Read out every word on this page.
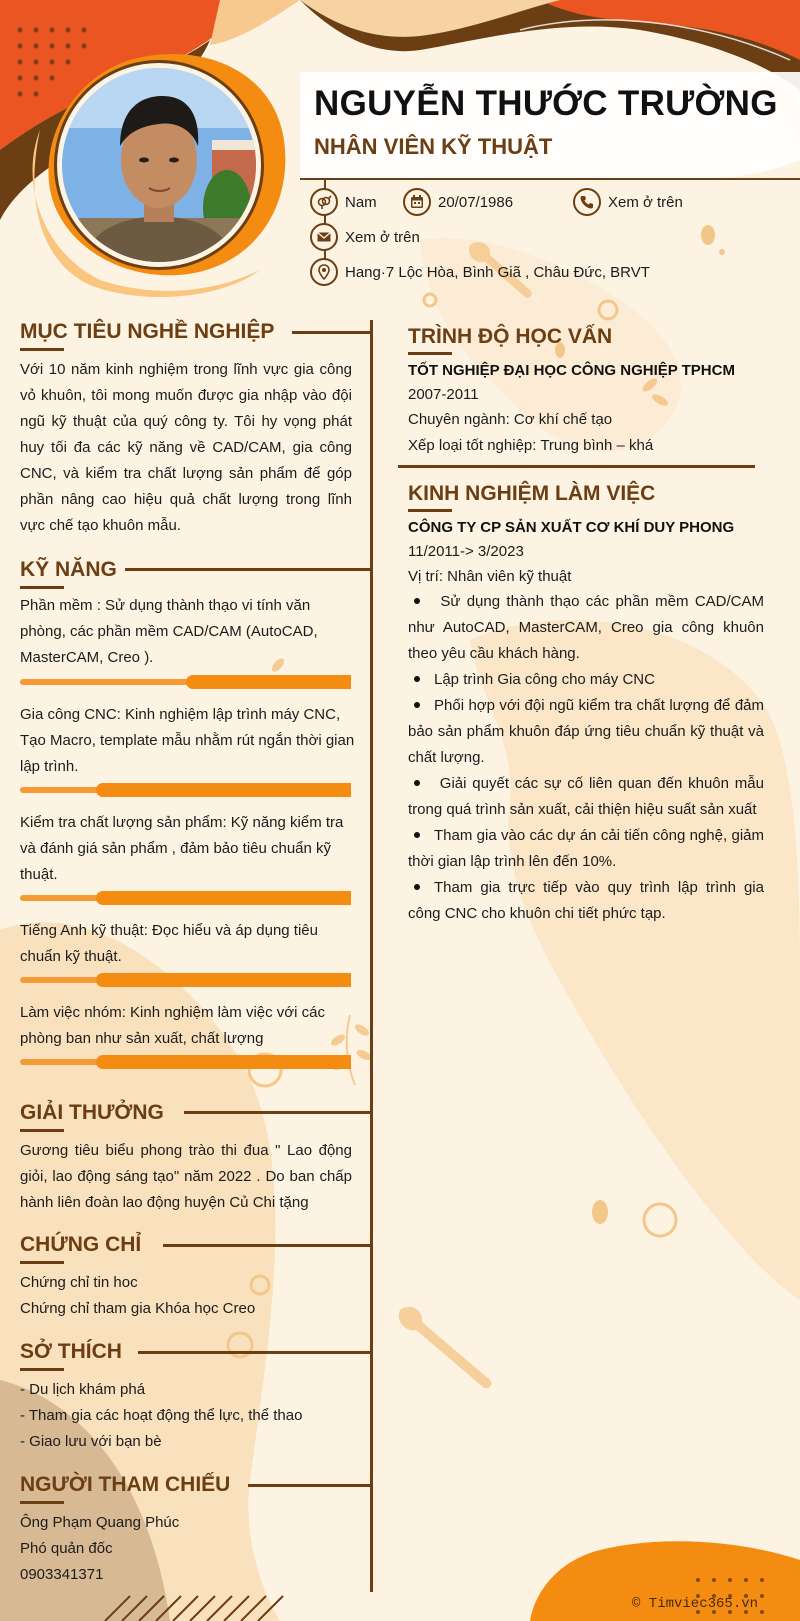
NGUYỄN THƯỚC TRƯỜNG
NHÂN VIÊN KỸ THUẬT
Nam	20/07/1986	Xem ở trên
Xem ở trên
Hang·7 Lộc Hòa, Bình Giã , Châu Đức, BRVT
MỤC TIÊU NGHỀ NGHIỆP
Với 10 năm kinh nghiệm trong lĩnh vực gia công vỏ khuôn, tôi mong muốn được gia nhập vào đội ngũ kỹ thuật của quý công ty. Tôi hy vọng phát huy tối đa các kỹ năng về CAD/CAM, gia công CNC, và kiểm tra chất lượng sản phẩm để góp phần nâng cao hiệu quả chất lượng trong lĩnh vực chế tạo khuôn mẫu.
KỸ NĂNG
Phần mềm : Sử dụng thành thạo vi tính văn phòng, các phần mềm CAD/CAM (AutoCAD, MasterCAM, Creo ).
Gia công CNC: Kinh nghiệm lập trình máy CNC, Tạo Macro, template mẫu nhằm rút ngắn thời gian lập trình.
Kiểm tra chất lượng sản phẩm: Kỹ năng kiểm tra và đánh giá sản phẩm , đảm bảo tiêu chuẩn kỹ thuật.
Tiếng Anh kỹ thuật: Đọc hiểu và áp dụng tiêu chuẩn kỹ thuật.
Làm việc nhóm: Kinh nghiệm làm việc với các phòng ban như sản xuất, chất lượng
GIẢI THƯỞNG
Gương tiêu biểu phong trào thi đua " Lao động giỏi, lao động sáng tạo" năm 2022 . Do ban chấp hành liên đoàn lao động huyện Củ Chi tặng
CHỨNG CHỈ
Chứng chỉ tin hoc
Chứng chỉ tham gia Khóa học Creo
SỞ THÍCH
- Du lịch khám phá
- Tham gia các hoạt động thể lực, thể thao
- Giao lưu với bạn bè
NGƯỜI THAM CHIẾU
Ông Phạm Quang Phúc
Phó quản đốc
0903341371
TRÌNH ĐỘ HỌC VẤN
TỐT NGHIỆP ĐẠI HỌC CÔNG NGHIỆP TPHCM
2007-2011
Chuyên ngành: Cơ khí chế tạo
Xếp loại tốt nghiệp: Trung bình – khá
KINH NGHIỆM LÀM VIỆC
CÔNG TY CP SẢN XUẤT CƠ KHÍ DUY PHONG
11/2011-> 3/2023
Vị trí: Nhân viên kỹ thuật
Sử dụng thành thạo các phần mềm CAD/CAM như AutoCAD, MasterCAM, Creo gia công khuôn theo yêu cầu khách hàng.
Lập trình Gia công cho máy CNC
Phối hợp với đội ngũ kiểm tra chất lượng để đảm bảo sản phẩm khuôn đáp ứng tiêu chuẩn kỹ thuật và chất lượng.
Giải quyết các sự cố liên quan đến khuôn mẫu trong quá trình sản xuất, cải thiện hiệu suất sản xuất
Tham gia vào các dự án cải tiến công nghệ, giảm thời gian lập trình lên đến 10%.
Tham gia trực tiếp vào quy trình lập trình gia công CNC cho khuôn chi tiết phức tạp.
© Timviec365.vn
